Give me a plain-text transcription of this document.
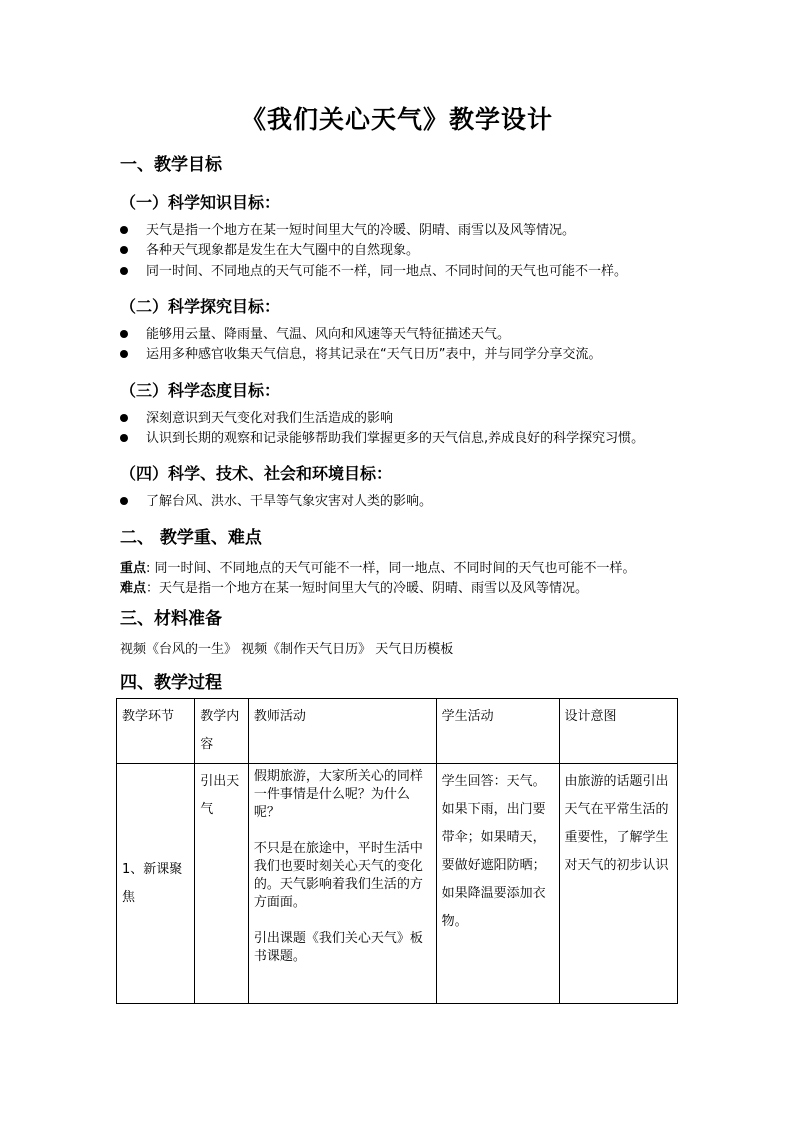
《我们关心天气》教学设计
一、教学目标
（一）科学知识目标：
天气是指一个地方在某一短时间里大气的冷暖、阴晴、雨雪以及风等情况。
各种天气现象都是发生在大气圈中的自然现象。
同一时间、不同地点的天气可能不一样，同一地点、不同时间的天气也可能不一样。
（二）科学探究目标：
能够用云量、降雨量、气温、风向和风速等天气特征描述天气。
运用多种感官收集天气信息，将其记录在“天气日历”表中，并与同学分享交流。
（三）科学态度目标：
深刻意识到天气变化对我们生活造成的影响
认识到长期的观察和记录能够帮助我们掌握更多的天气信息,养成良好的科学探究习惯。
（四）科学、技术、社会和环境目标：
了解台风、洪水、干旱等气象灾害对人类的影响。
二、 教学重、难点
重点: 同一时间、不同地点的天气可能不一样，同一地点、不同时间的天气也可能不一样。
难点：天气是指一个地方在某一短时间里大气的冷暖、阴晴、雨雪以及风等情况。
三、材料准备
视频《台风的一生》 视频《制作天气日历》 天气日历模板
四、教学过程
教学环节	教学内容	教师活动	学生活动	设计意图
1、新课聚焦	引出天气	假期旅游，大家所关心的同样一件事情是什么呢？为什么呢？
不只是在旅途中，平时生活中我们也要时刻关心天气的变化的。天气影响着我们生活的方方面面。
引出课题《我们关心天气》板书课题。	学生回答：天气。如果下雨，出门要带伞；如果晴天，要做好遮阳防晒；如果降温要添加衣物。	由旅游的话题引出天气在平常生活的重要性，了解学生对天气的初步认识
